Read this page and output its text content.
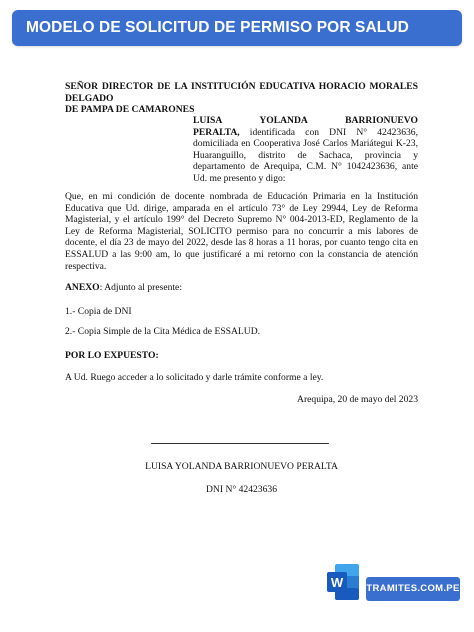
MODELO DE SOLICITUD DE PERMISO POR SALUD
SEÑOR DIRECTOR DE LA INSTITUCIÓN EDUCATIVA HORACIO MORALES DELGADO
DE PAMPA DE CAMARONES
LUISA YOLANDA BARRIONUEVO
PERALTA, identificada con DNI N° 42423636, domiciliada en Cooperativa José Carlos Mariátegui K-23, Huaranguillo, distrito de Sachaca, provincia y departamento de Arequipa, C.M. N° 1042423636, ante Ud. me presento y digo:
Que, en mi condición de docente nombrada de Educación Primaria en la Institución Educativa que Ud. dirige, amparada en el artículo 73° de Ley 29944, Ley de Reforma Magisterial, y el artículo 199° del Decreto Supremo N° 004-2013-ED, Reglamento de la Ley de Reforma Magisterial, SOLICITO permiso para no concurrir a mis labores de docente, el día 23 de mayo del 2022, desde las 8 horas a 11 horas, por cuanto tengo cita en ESSALUD a las 9:00 am, lo que justificaré a mi retorno con la constancia de atención respectiva.
ANEXO: Adjunto al presente:
1.- Copia de DNI
2.- Copia Simple de la Cita Médica de ESSALUD.
POR LO EXPUESTO:
A Ud. Ruego acceder a lo solicitado y darle trámite conforme a ley.
Arequipa, 20 de mayo del 2023
LUISA YOLANDA BARRIONUEVO PERALTA
DNI N° 42423636
W TRAMITES.COM.PE
